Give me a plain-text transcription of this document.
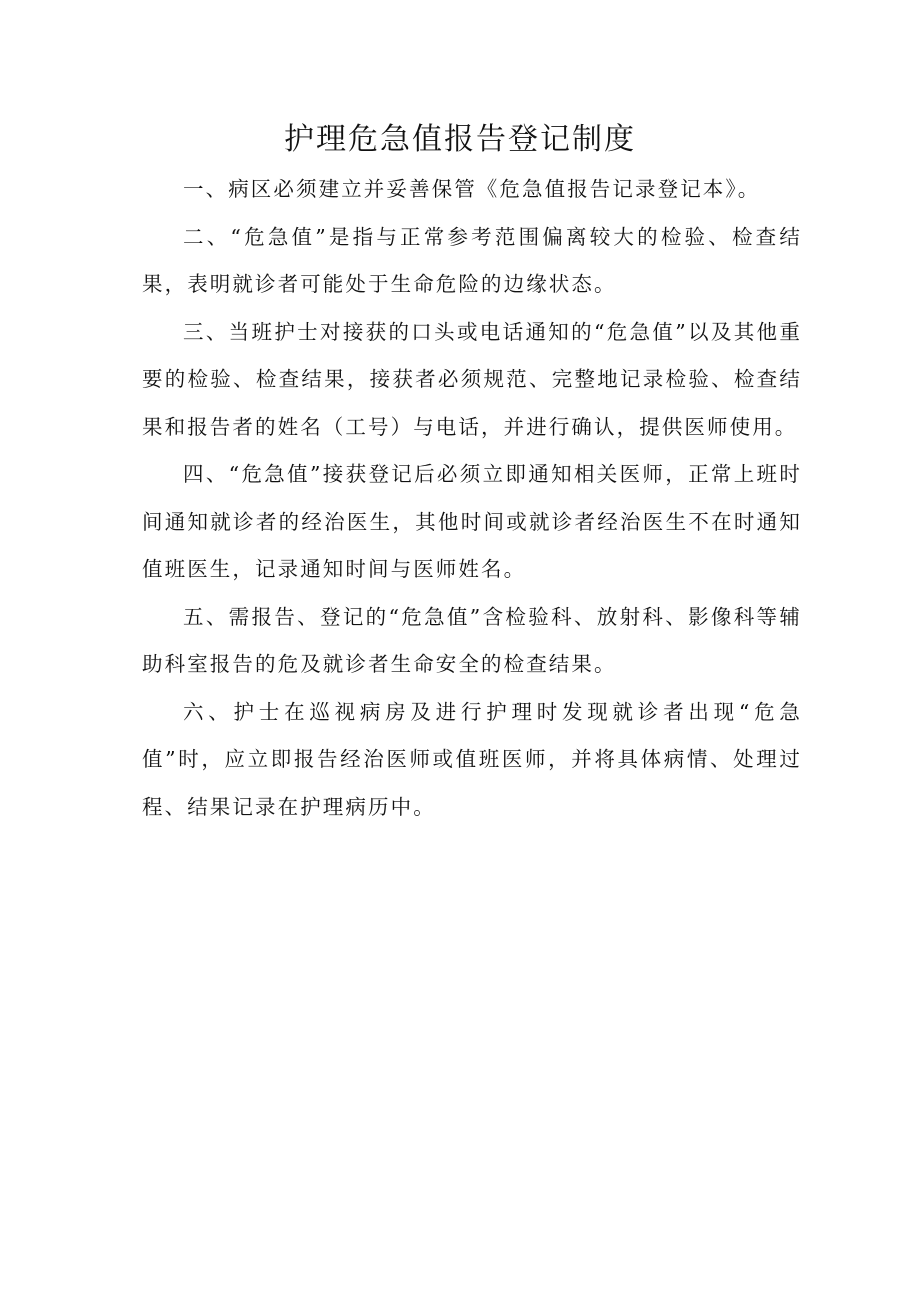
护理危急值报告登记制度

一、病区必须建立并妥善保管《危急值报告记录登记本》。

二、“危急值”是指与正常参考范围偏离较大的检验、检查结果，表明就诊者可能处于生命危险的边缘状态。

三、当班护士对接获的口头或电话通知的“危急值”以及其他重要的检验、检查结果，接获者必须规范、完整地记录检验、检查结果和报告者的姓名（工号）与电话，并进行确认，提供医师使用。

四、“危急值”接获登记后必须立即通知相关医师，正常上班时间通知就诊者的经治医生，其他时间或就诊者经治医生不在时通知值班医生，记录通知时间与医师姓名。

五、需报告、登记的“危急值”含检验科、放射科、影像科等辅助科室报告的危及就诊者生命安全的检查结果。

六、护士在巡视病房及进行护理时发现就诊者出现“危急值”时，应立即报告经治医师或值班医师，并将具体病情、处理过程、结果记录在护理病历中。
